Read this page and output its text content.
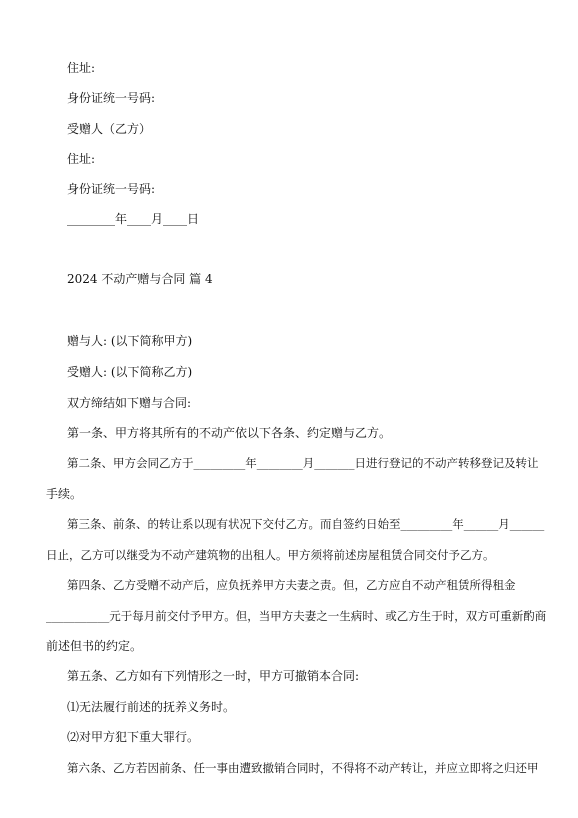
住址:

身份证统一号码:

受赠人（乙方）

住址:

身份证统一号码:

________年____月____日

2024 不动产赠与合同 篇 4

赠与人: (以下简称甲方)

受赠人: (以下简称乙方)

双方缔结如下赠与合同:

第一条、甲方将其所有的不动产依以下各条、约定赠与乙方。

第二条、甲方会同乙方于_________年________月_______日进行登记的不动产转移登记及转让

手续。

第三条、前条、的转让系以现有状况下交付乙方。而自签约日始至_________年______月______

日止，乙方可以继受为不动产建筑物的出租人。甲方须将前述房屋租赁合同交付予乙方。

第四条、乙方受赠不动产后，应负抚养甲方夫妻之责。但，乙方应自不动产租赁所得租金

___________元于每月前交付予甲方。但，当甲方夫妻之一生病时、或乙方生于时，双方可重新酌商

前述但书的约定。

第五条、乙方如有下列情形之一时，甲方可撤销本合同:

⑴无法履行前述的抚养义务时。

⑵对甲方犯下重大罪行。

第六条、乙方若因前条、任一事由遭致撤销合同时，不得将不动产转让，并应立即将之归还甲
